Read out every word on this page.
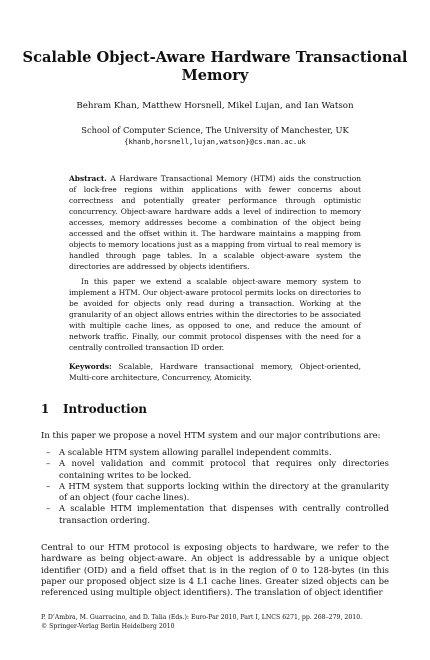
Scalable Object-Aware Hardware Transactional
Memory
Behram Khan, Matthew Horsnell, Mikel Lujan, and Ian Watson
School of Computer Science, The University of Manchester, UK
{khanb,horsnell,lujan,watson}@cs.man.ac.uk

Abstract. A Hardware Transactional Memory (HTM) aids the construction of lock-free regions within applications with fewer concerns about correctness and potentially greater performance through optimistic concurrency. Object-aware hardware adds a level of indirection to memory accesses, memory addresses become a combination of the object being accessed and the offset within it. The hardware maintains a mapping from objects to memory locations just as a mapping from virtual to real memory is handled through page tables. In a scalable object-aware system the directories are addressed by objects identifiers.

In this paper we extend a scalable object-aware memory system to implement a HTM. Our object-aware protocol permits locks on directories to be avoided for objects only read during a transaction. Working at the granularity of an object allows entries within the directories to be associated with multiple cache lines, as opposed to one, and reduce the amount of network traffic. Finally, our commit protocol dispenses with the need for a centrally controlled transaction ID order.

Keywords: Scalable, Hardware transactional memory, Object-oriented, Multi-core architecture, Concurrency, Atomicity.

1 Introduction

In this paper we propose a novel HTM system and our major contributions are:

– A scalable HTM system allowing parallel independent commits.
– A novel validation and commit protocol that requires only directories containing writes to be locked.
– A HTM system that supports locking within the directory at the granularity of an object (four cache lines).
– A scalable HTM implementation that dispenses with centrally controlled transaction ordering.

Central to our HTM protocol is exposing objects to hardware, we refer to the hardware as being object-aware. An object is addressable by a unique object identifier (OID) and a field offset that is in the region of 0 to 128-bytes (in this paper our proposed object size is 4 L1 cache lines. Greater sized objects can be referenced using multiple object identifiers). The translation of object identifier

P. D’Ambra, M. Guarracino, and D. Talia (Eds.): Euro-Par 2010, Part I, LNCS 6271, pp. 268–279, 2010.
© Springer-Verlag Berlin Heidelberg 2010
